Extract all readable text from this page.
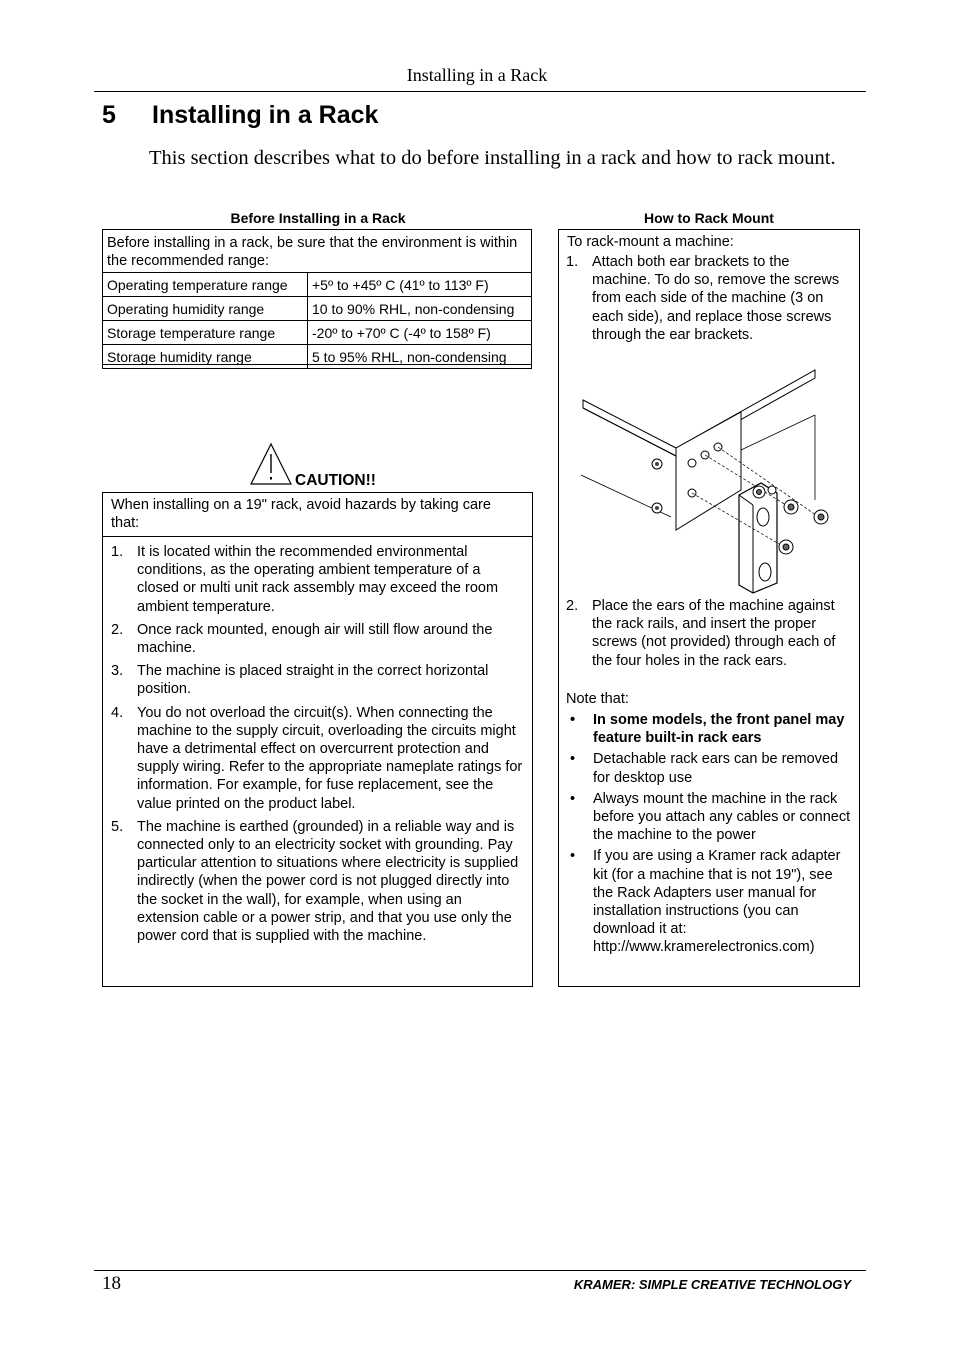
Installing in a Rack
5 Installing in a Rack
This section describes what to do before installing in a rack and how to rack mount.
Before Installing in a Rack	How to Rack Mount
Before installing in a rack, be sure that the environment is within the recommended range:
Operating temperature range	+5º to +45º C (41º to 113º F)
Operating humidity range	10 to 90% RHL, non-condensing
Storage temperature range	-20º to +70º C (-4º to 158º F)
Storage humidity range	5 to 95% RHL, non-condensing
CAUTION!!
When installing on a 19" rack, avoid hazards by taking care that:
1. It is located within the recommended environmental conditions, as the operating ambient temperature of a closed or multi unit rack assembly may exceed the room ambient temperature.
2. Once rack mounted, enough air will still flow around the machine.
3. The machine is placed straight in the correct horizontal position.
4. You do not overload the circuit(s). When connecting the machine to the supply circuit, overloading the circuits might have a detrimental effect on overcurrent protection and supply wiring. Refer to the appropriate nameplate ratings for information. For example, for fuse replacement, see the value printed on the product label.
5. The machine is earthed (grounded) in a reliable way and is connected only to an electricity socket with grounding. Pay particular attention to situations where electricity is supplied indirectly (when the power cord is not plugged directly into the socket in the wall), for example, when using an extension cable or a power strip, and that you use only the power cord that is supplied with the machine.
To rack-mount a machine:
1. Attach both ear brackets to the machine. To do so, remove the screws from each side of the machine (3 on each side), and replace those screws through the ear brackets.
2. Place the ears of the machine against the rack rails, and insert the proper screws (not provided) through each of the four holes in the rack ears.
Note that:
• In some models, the front panel may feature built-in rack ears
• Detachable rack ears can be removed for desktop use
• Always mount the machine in the rack before you attach any cables or connect the machine to the power
• If you are using a Kramer rack adapter kit (for a machine that is not 19"), see the Rack Adapters user manual for installation instructions (you can download it at: http://www.kramerelectronics.com)
18	KRAMER: SIMPLE CREATIVE TECHNOLOGY
